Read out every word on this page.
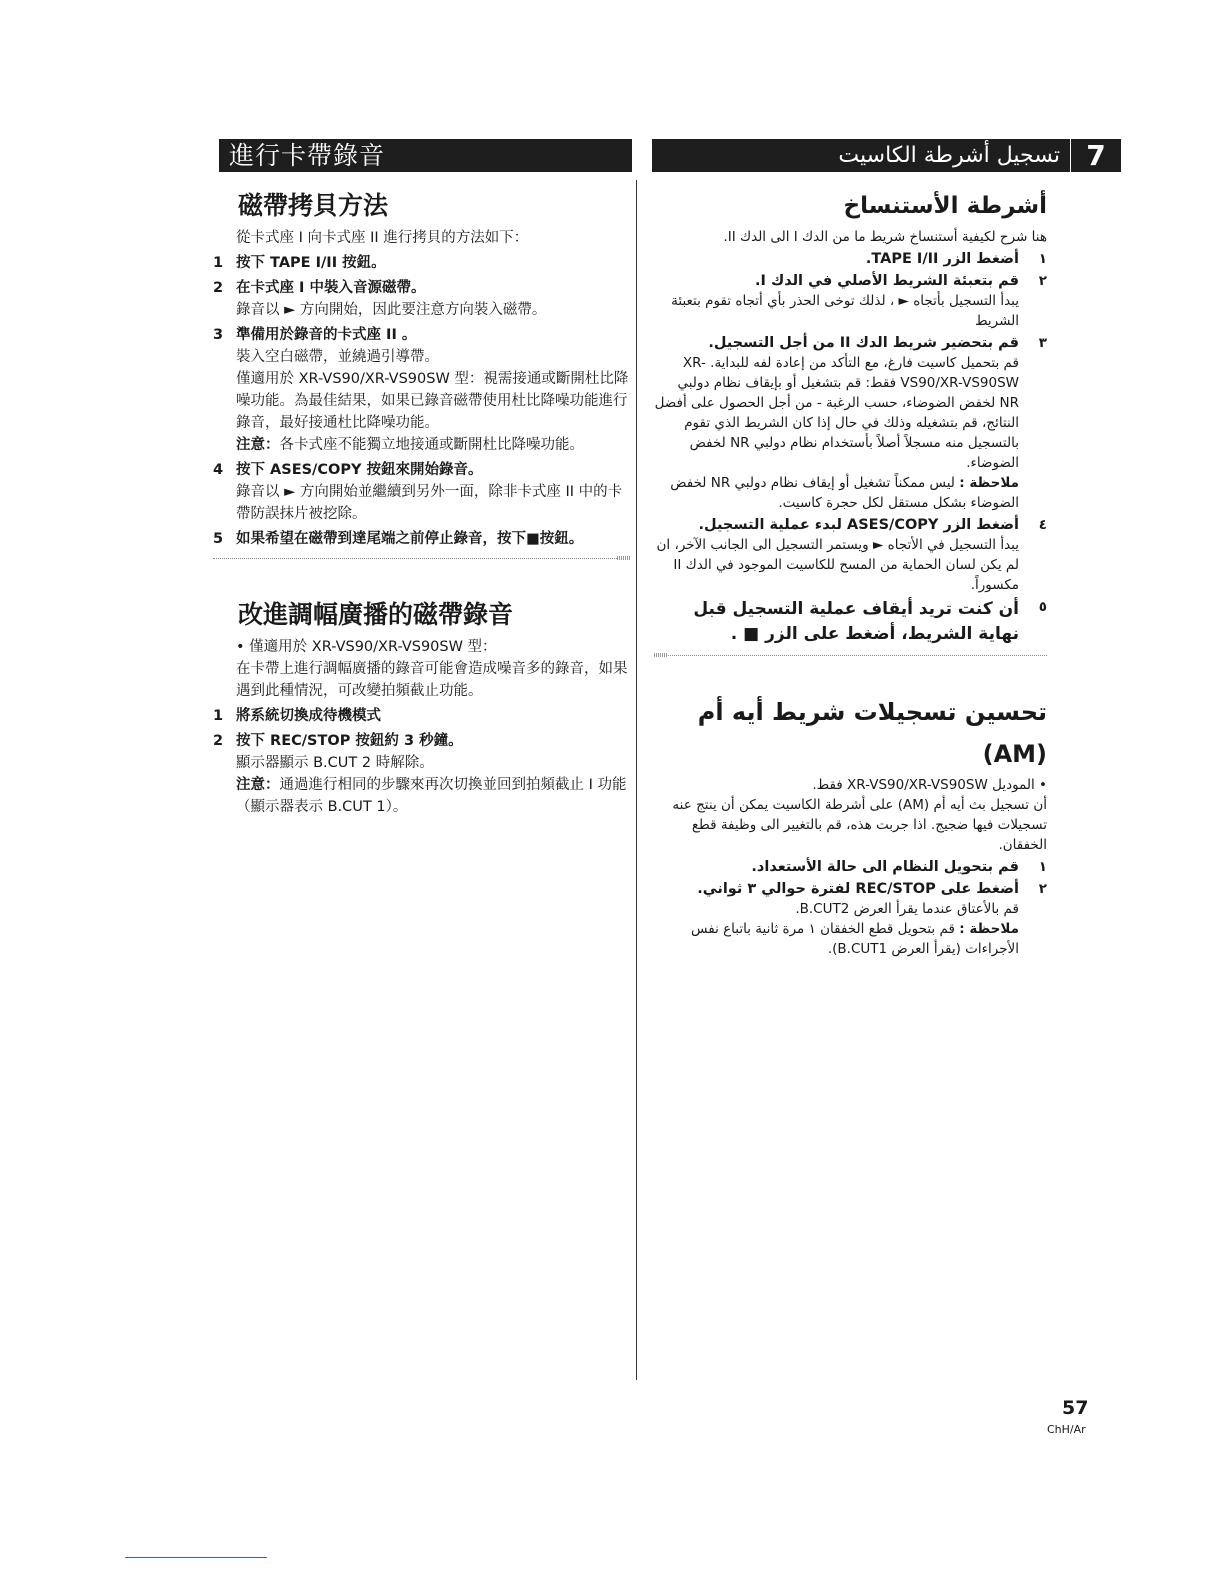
進行卡帶錄音	تسجيل أشرطة الكاسيت 7
磁帶拷貝方法

從卡式座 I 向卡式座 II 進行拷貝的方法如下：

1 按下 TAPE I/II 按鈕。
2 在卡式座 I 中裝入音源磁帶。
錄音以 ► 方向開始，因此要注意方向裝入磁帶。
3 準備用於錄音的卡式座 II 。
裝入空白磁帶，並繞過引導帶。
僅適用於 XR-VS90/XR-VS90SW 型：視需接通或斷開杜比降噪功能。為最佳結果，如果已錄音磁帶使用杜比降噪功能進行錄音，最好接通杜比降噪功能。
注意：各卡式座不能獨立地接通或斷開杜比降噪功能。
4 按下 ASES/COPY 按鈕來開始錄音。
錄音以 ► 方向開始並繼續到另外一面，除非卡式座 II 中的卡帶防誤抹片被挖除。
5 如果希望在磁帶到達尾端之前停止錄音，按下■按鈕。
改進調幅廣播的磁帶錄音

• 僅適用於 XR-VS90/XR-VS90SW 型：

在卡帶上進行調幅廣播的錄音可能會造成噪音多的錄音，如果遇到此種情況，可改變拍頻截止功能。

1 將系統切換成待機模式
2 按下 REC/STOP 按鈕約 3 秒鐘。
顯示器顯示 B.CUT 2 時解除。
注意：通過進行相同的步驟來再次切換並回到拍頻截止 I 功能（顯示器表示 B.CUT 1）。
أشرطة الأستنساخ

هنا شرح لكيفية أستنساخ شريط ما من الدك I الى الدك II.

١
أضغط الزر TAPE I/II.
٢
قم بتعبئة الشريط الأصلي في الدك I.
يبدأ التسجيل بأتجاه ► ، لذلك توخى الحذر بأي أتجاه تقوم بتعبئة الشريط
٣
قم بتحضير شريط الدك II من أجل التسجيل.
قم بتحميل كاسيت فارغ، مع التأكد من إعادة لفه للبداية. XR-VS90/XR-VS90SW فقط: قم بتشغيل أو بإيقاف نظام دولبي NR لخفض الضوضاء، حسب الرغبة - من أجل الحصول على أفضل النتائج، قم بتشغيله وذلك في حال إذا كان الشريط الذي تقوم بالتسجيل منه مسجلاً أصلاً بأستخدام نظام دولبي NR لخفض الضوضاء.
ملاحظة : ليس ممكناً تشغيل أو إيقاف نظام دولبي NR لخفض الضوضاء بشكل مستقل لكل حجرة كاسيت.
٤
أضغط الزر ASES/COPY لبدء عملية التسجيل.
يبدأ التسجيل في الأتجاه ► ويستمر التسجيل الى الجانب الآخر، ان لم يكن لسان الحماية من المسح للكاسيت الموجود في الدك II مكسوراً.
٥
أن كنت تريد أيقاف عملية التسجيل قبل نهاية الشريط، أضغط على الزر ■ .
تحسين تسجيلات شريط أيه أم (AM)

• الموديل XR-VS90/XR-VS90SW فقط.

أن تسجيل بث أيه أم (AM) على أشرطة الكاسيت يمكن أن ينتج عنه تسجيلات فيها ضجيج. اذا جربت هذه، قم بالتغيير الى وظيفة قطع الخفقان.

١
قم بتحويل النظام الى حالة الأستعداد.
٢
أضغط على REC/STOP لفترة حوالي ٣ ثواني.
قم بالأعتاق عندما يقرأ العرض B.CUT2.
ملاحظة : قم بتحويل قطع الخفقان ١ مرة ثانية باتباع نفس الأجراءات (يقرأ العرض B.CUT1).
57
ChH/Ar
